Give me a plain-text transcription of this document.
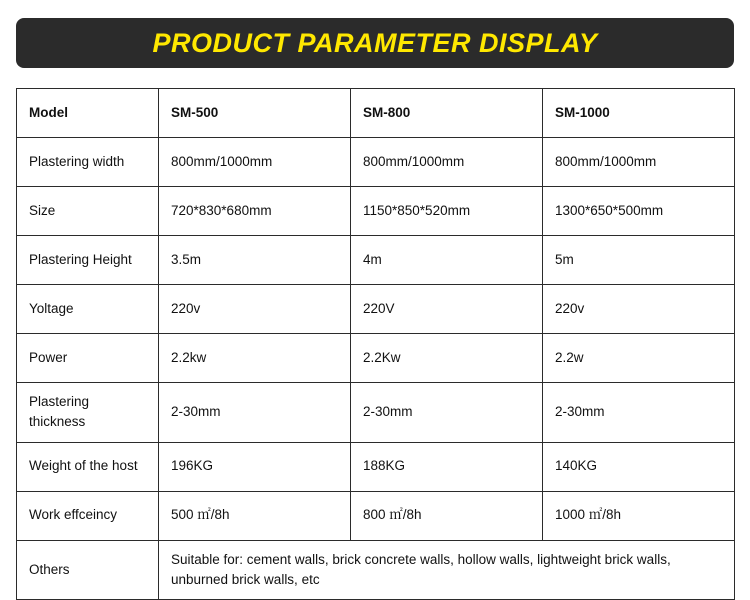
PRODUCT PARAMETER DISPLAY
Model	SM-500	SM-800	SM-1000
Plastering width	800mm/1000mm	800mm/1000mm	800mm/1000mm
Size	720*830*680mm	1150*850*520mm	1300*650*500mm
Plastering Height	3.5m	4m	5m
Yoltage	220v	220V	220v
Power	2.2kw	2.2Kw	2.2w
Plastering thickness	2-30mm	2-30mm	2-30mm
Weight of the host	196KG	188KG	140KG
Work effceincy	500 ㎡/8h	800 ㎡/8h	1000 ㎡/8h
Others	Suitable for: cement walls, brick concrete walls, hollow walls, lightweight brick walls, unburned brick walls, etc		
